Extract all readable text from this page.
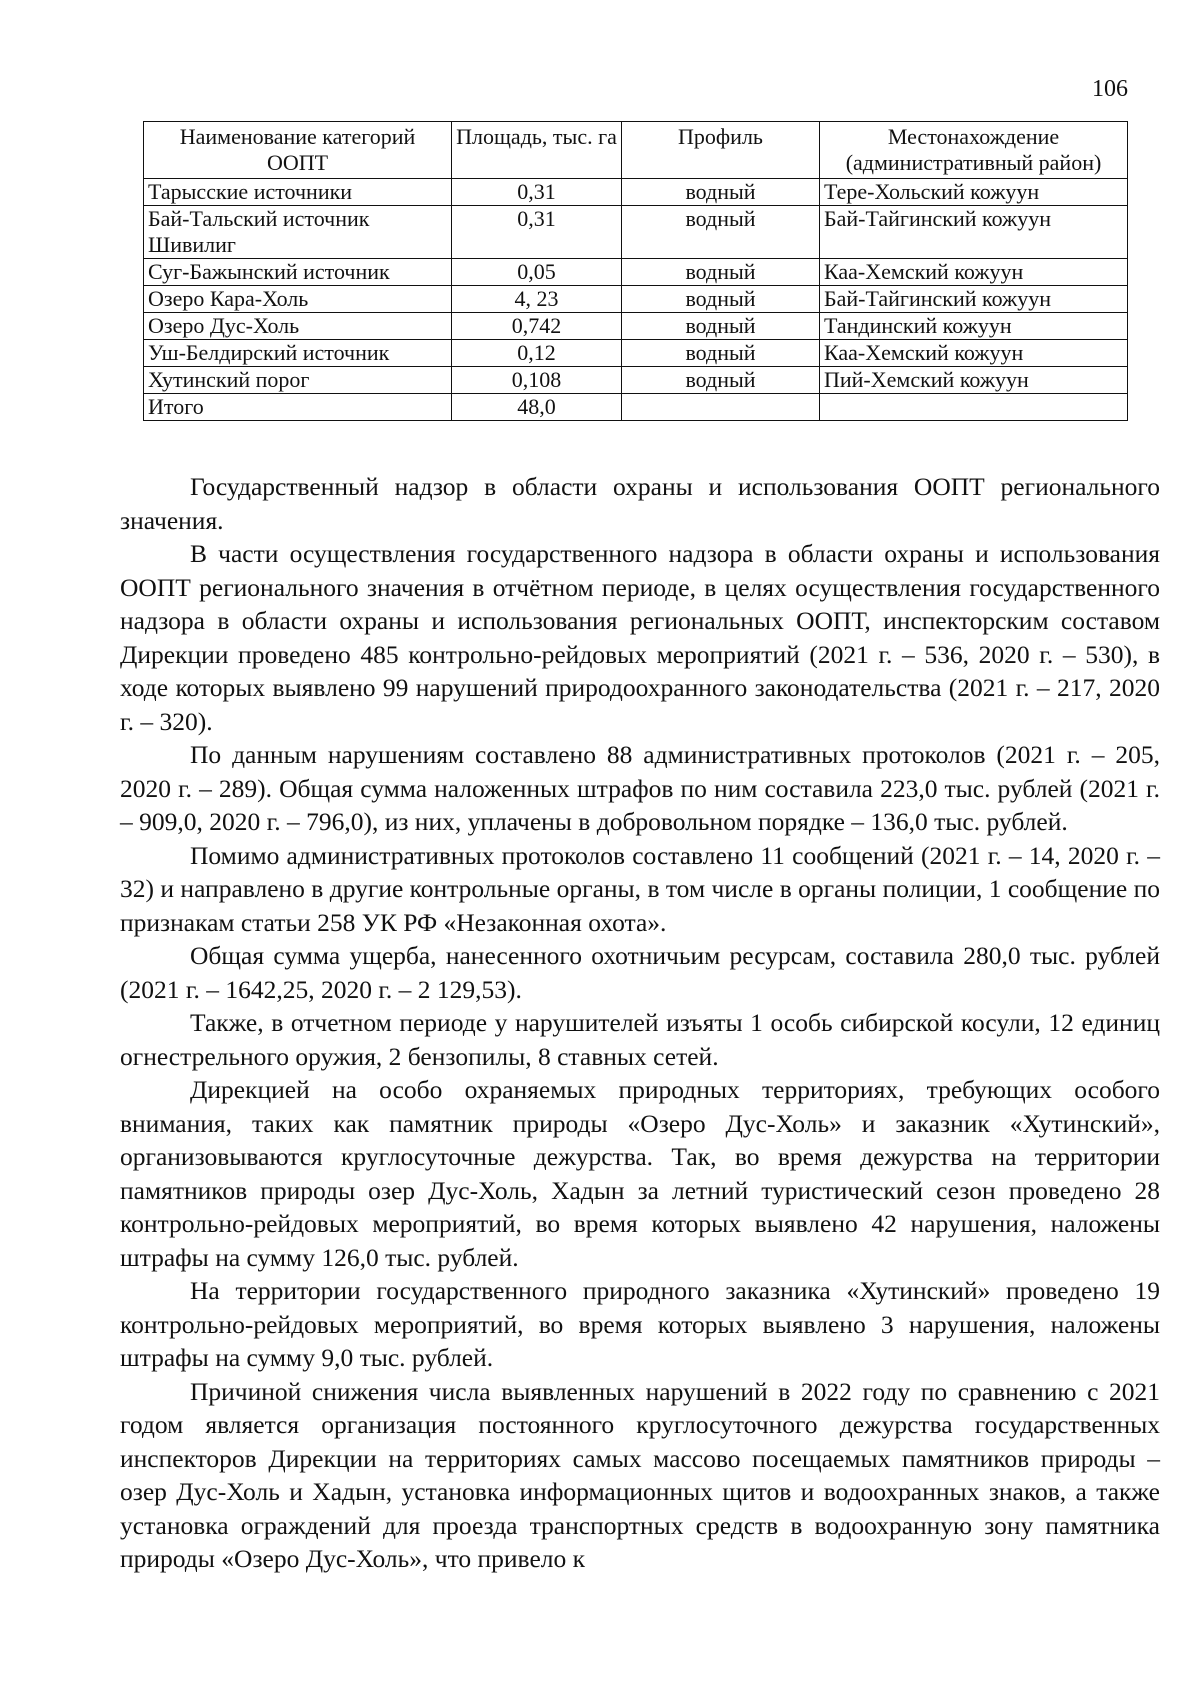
106
Наименование категорий ООПТ	Площадь, тыс. га	Профиль	Местонахождение (административный район)
Тарысские источники	0,31	водный	Тере-Хольский кожуун
Бай-Тальский источник Шивилиг	0,31	водный	Бай-Тайгинский кожуун
Суг-Бажынский источник	0,05	водный	Каа-Хемский кожуун
Озеро Кара-Холь	4, 23	водный	Бай-Тайгинский кожуун
Озеро Дус-Холь	0,742	водный	Тандинский кожуун
Уш-Белдирский источник	0,12	водный	Каа-Хемский кожуун
Хутинский порог	0,108	водный	Пий-Хемский кожуун
Итого	48,0		

Государственный надзор в области охраны и использования ООПТ регионального значения.

В части осуществления государственного надзора в области охраны и использования ООПТ регионального значения в отчётном периоде, в целях осуществления государственного надзора в области охраны и использования региональных ООПТ, инспекторским составом Дирекции проведено 485 контрольно-рейдовых мероприятий (2021 г. – 536, 2020 г. – 530), в ходе которых выявлено 99 нарушений природоохранного законодательства (2021 г. – 217, 2020 г. – 320).

По данным нарушениям составлено 88 административных протоколов (2021 г. – 205, 2020 г. – 289). Общая сумма наложенных штрафов по ним составила 223,0 тыс. рублей (2021 г. – 909,0, 2020 г. – 796,0), из них, уплачены в добровольном порядке – 136,0 тыс. рублей.

Помимо административных протоколов составлено 11 сообщений (2021 г. – 14, 2020 г. – 32) и направлено в другие контрольные органы, в том числе в органы полиции, 1 сообщение по признакам статьи 258 УК РФ «Незаконная охота».

Общая сумма ущерба, нанесенного охотничьим ресурсам, составила 280,0 тыс. рублей (2021 г. – 1642,25, 2020 г. – 2 129,53).

Также, в отчетном периоде у нарушителей изъяты 1 особь сибирской косули, 12 единиц огнестрельного оружия, 2 бензопилы, 8 ставных сетей.

Дирекцией на особо охраняемых природных территориях, требующих особого внимания, таких как памятник природы «Озеро Дус-Холь» и заказник «Хутинский», организовываются круглосуточные дежурства. Так, во время дежурства на территории памятников природы озер Дус-Холь, Хадын за летний туристический сезон проведено 28 контрольно-рейдовых мероприятий, во время которых выявлено 42 нарушения, наложены штрафы на сумму 126,0 тыс. рублей.

На территории государственного природного заказника «Хутинский» проведено 19 контрольно-рейдовых мероприятий, во время которых выявлено 3 нарушения, наложены штрафы на сумму 9,0 тыс. рублей.

Причиной снижения числа выявленных нарушений в 2022 году по сравнению с 2021 годом является организация постоянного круглосуточного дежурства государственных инспекторов Дирекции на территориях самых массово посещаемых памятников природы – озер Дус-Холь и Хадын, установка информационных щитов и водоохранных знаков, а также установка ограждений для проезда транспортных средств в водоохранную зону памятника природы «Озеро Дус-Холь», что привело к
